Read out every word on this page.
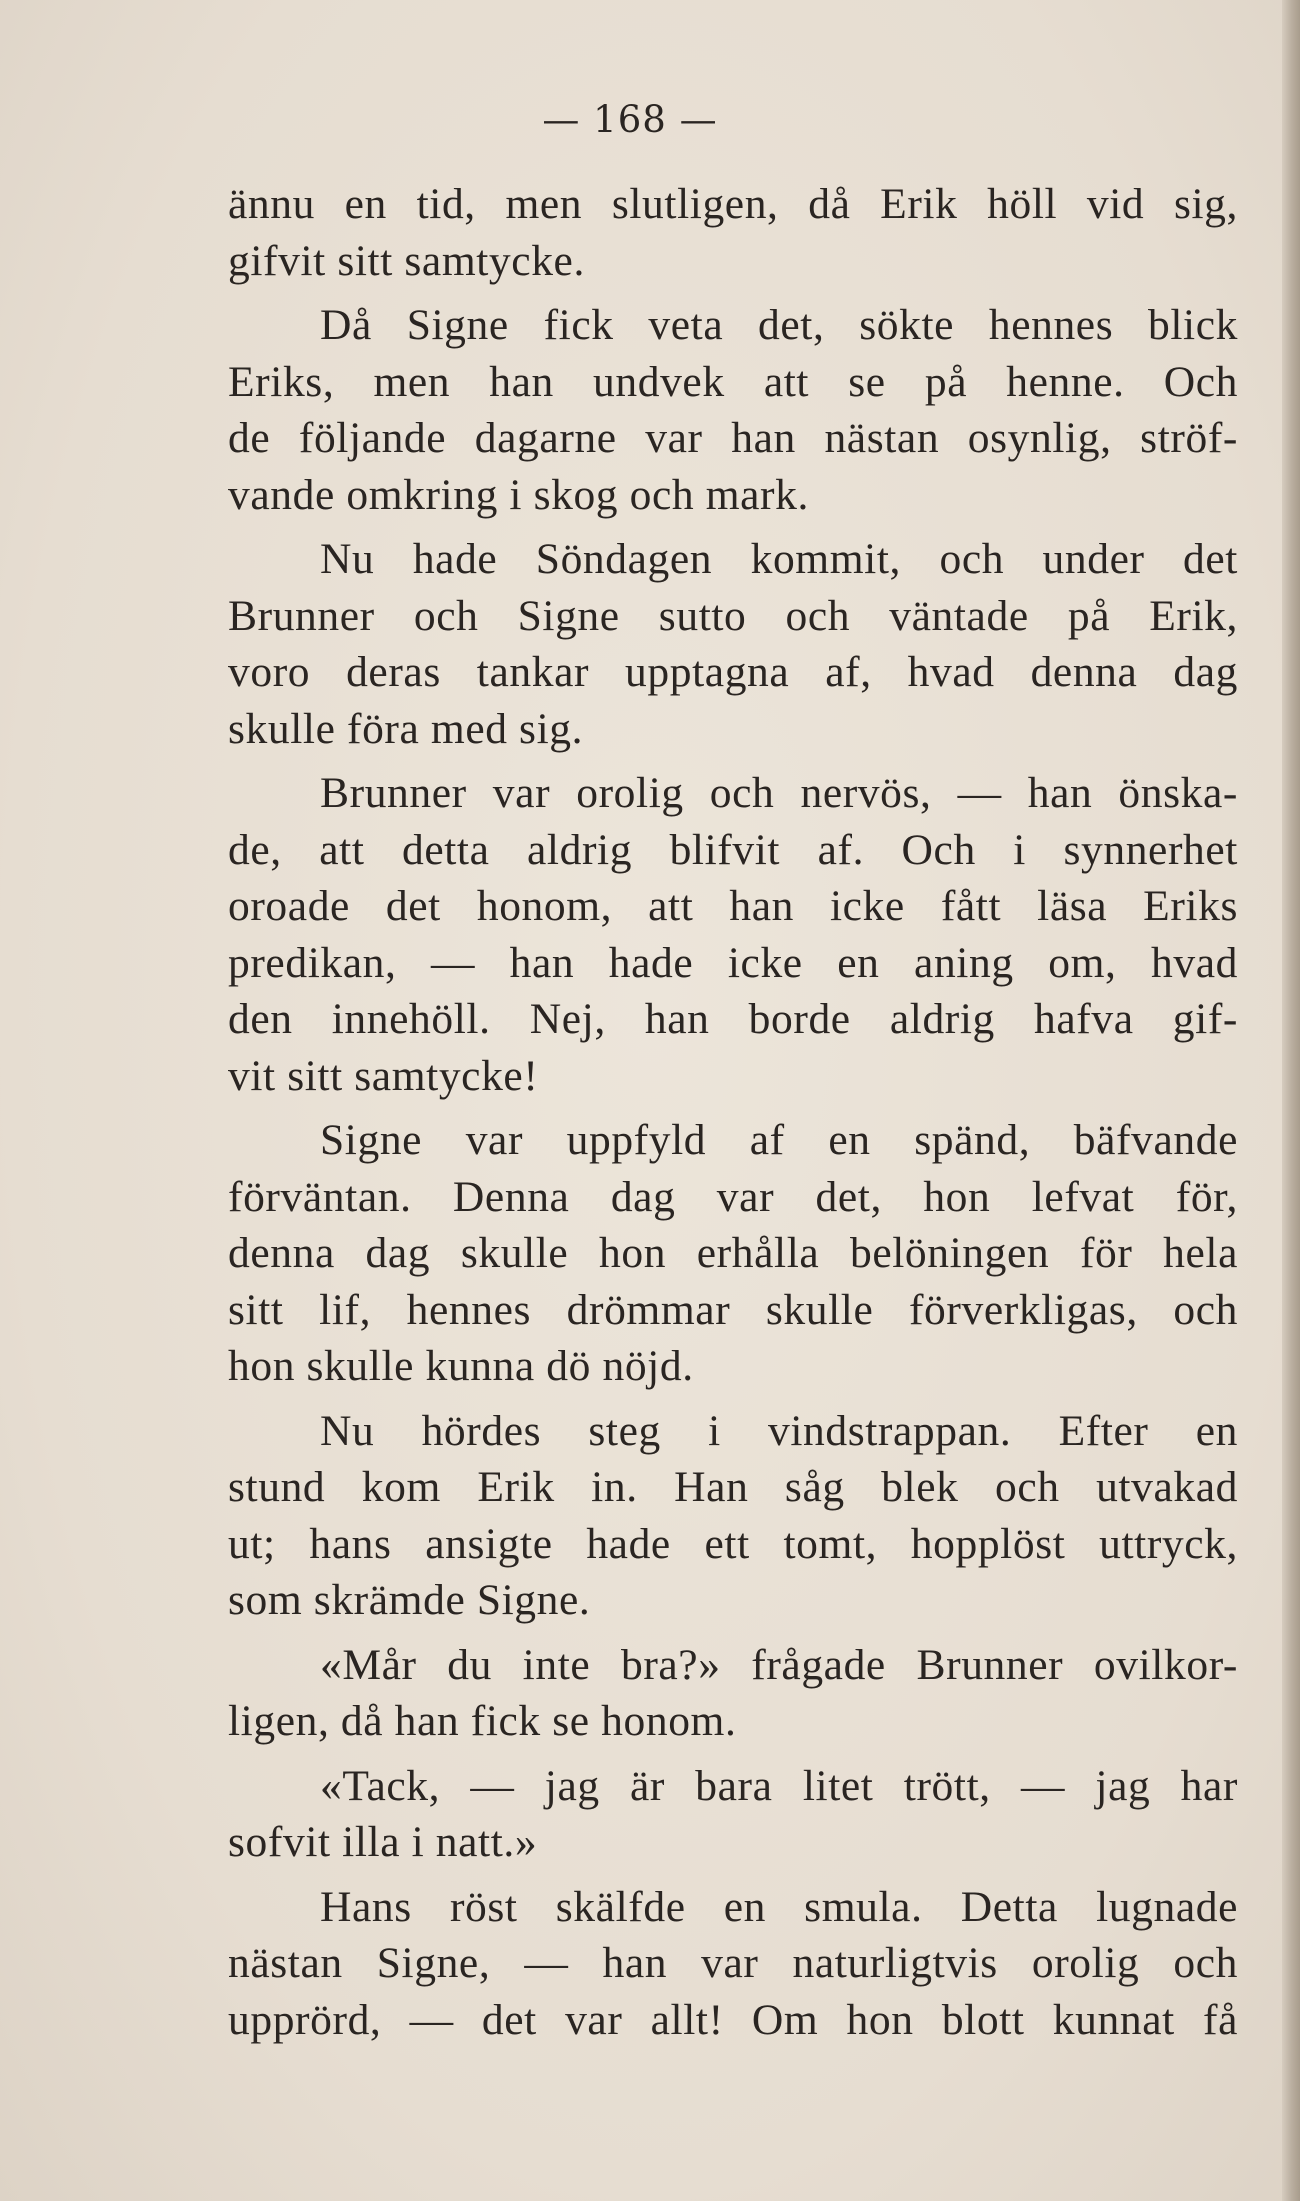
— 168 —
ännu en tid, men slutligen, då Erik höll vid sig,
gifvit sitt samtycke.
Då Signe fick veta det, sökte hennes blick
Eriks, men han undvek att se på henne. Och
de följande dagarne var han nästan osynlig, ströf-
vande omkring i skog och mark.
Nu hade Söndagen kommit, och under det
Brunner och Signe sutto och väntade på Erik,
voro deras tankar upptagna af, hvad denna dag
skulle föra med sig.
Brunner var orolig och nervös, — han önska-
de, att detta aldrig blifvit af. Och i synnerhet
oroade det honom, att han icke fått läsa Eriks
predikan, — han hade icke en aning om, hvad
den innehöll. Nej, han borde aldrig hafva gif-
vit sitt samtycke!
Signe var uppfyld af en spänd, bäfvande
förväntan. Denna dag var det, hon lefvat för,
denna dag skulle hon erhålla belöningen för hela
sitt lif, hennes drömmar skulle förverkligas, och
hon skulle kunna dö nöjd.
Nu hördes steg i vindstrappan. Efter en
stund kom Erik in. Han såg blek och utvakad
ut; hans ansigte hade ett tomt, hopplöst uttryck,
som skrämde Signe.
«Mår du inte bra?» frågade Brunner ovilkor-
ligen, då han fick se honom.
«Tack, — jag är bara litet trött, — jag har
sofvit illa i natt.»
Hans röst skälfde en smula. Detta lugnade
nästan Signe, — han var naturligtvis orolig och
upprörd, — det var allt! Om hon blott kunnat få
